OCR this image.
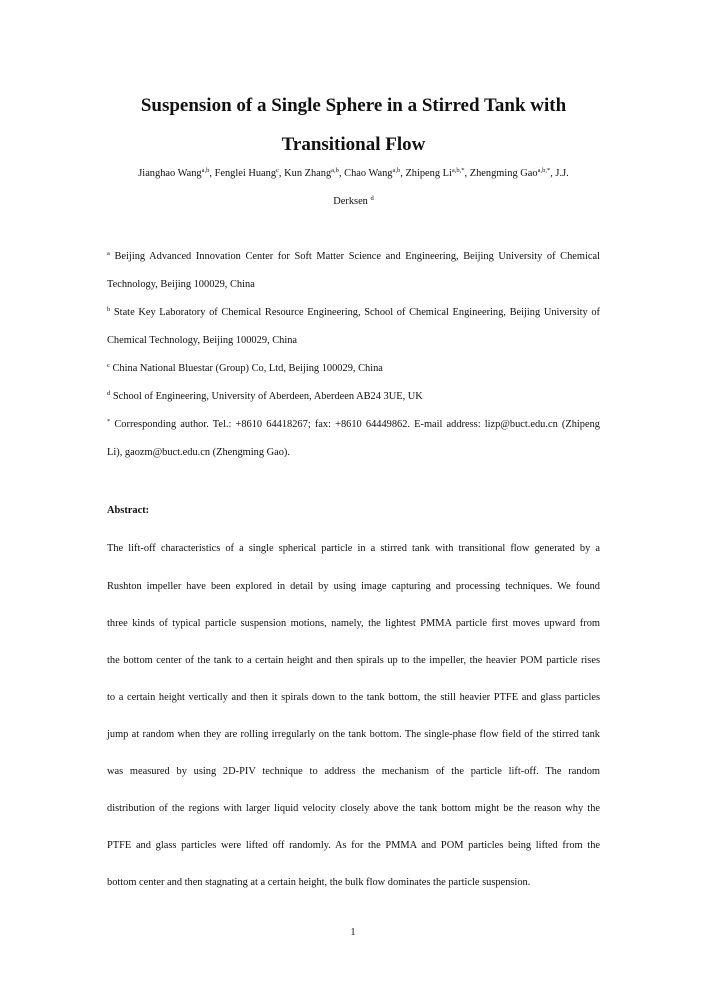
Suspension of a Single Sphere in a Stirred Tank with
Transitional Flow
Jianghao Wang$^{a,b}$, Fenglei Huang$^c$, Kun Zhang$^{a,b}$, Chao Wang$^{a,b}$, Zhipeng $Li^{a,b,*}$, Zhengming Gao$^{a,b,*}$, J.J.
Derksen $^d$
$^a$ Beijing Advanced Innovation Center for Soft Matter Science and Engineering, Beijing University of Chemical
Technology, Beijing 100029, China
$^b$ State Key Laboratory of Chemical Resource Engineering, School of Chemical Engineering, Beijing University of
Chemical Technology, Beijing 100029, China
$^c$ China National Bluestar (Group) Co, Ltd, Beijing 100029, China
$^d$ School of Engineering, University of Aberdeen, Aberdeen AB24 3UE, UK
* Corresponding author. Tel.: +8610 64418267; fax: +8610 64449862. E-mail address: lizp@buct.edu.cn (Zhipeng
Li), gaozm@buct.edu.cn (Zhengming Gao).
Abstract:
The lift-off characteristics of a single spherical particle in a stirred tank with transitional flow generated by a
Rushton impeller have been explored in detail by using image capturing and processing techniques. We found
three kinds of typical particle suspension motions, namely, the lightest PMMA particle first moves upward from
the bottom center of the tank to a certain height and then spirals up to the impeller, the heavier POM particle rises
to a certain height vertically and then it spirals down to the tank bottom, the still heavier PTFE and glass particles
jump at random when they are rolling irregularly on the tank bottom. The single-phase flow field of the stirred tank
was measured by using 2D-PIV technique to address the mechanism of the particle lift-off. The random
distribution of the regions with larger liquid velocity closely above the tank bottom might be the reason why the
PTFE and glass particles were lifted off randomly. As for the PMMA and POM particles being lifted from the
bottom center and then stagnating at a certain height, the bulk flow dominates the particle suspension.
1
